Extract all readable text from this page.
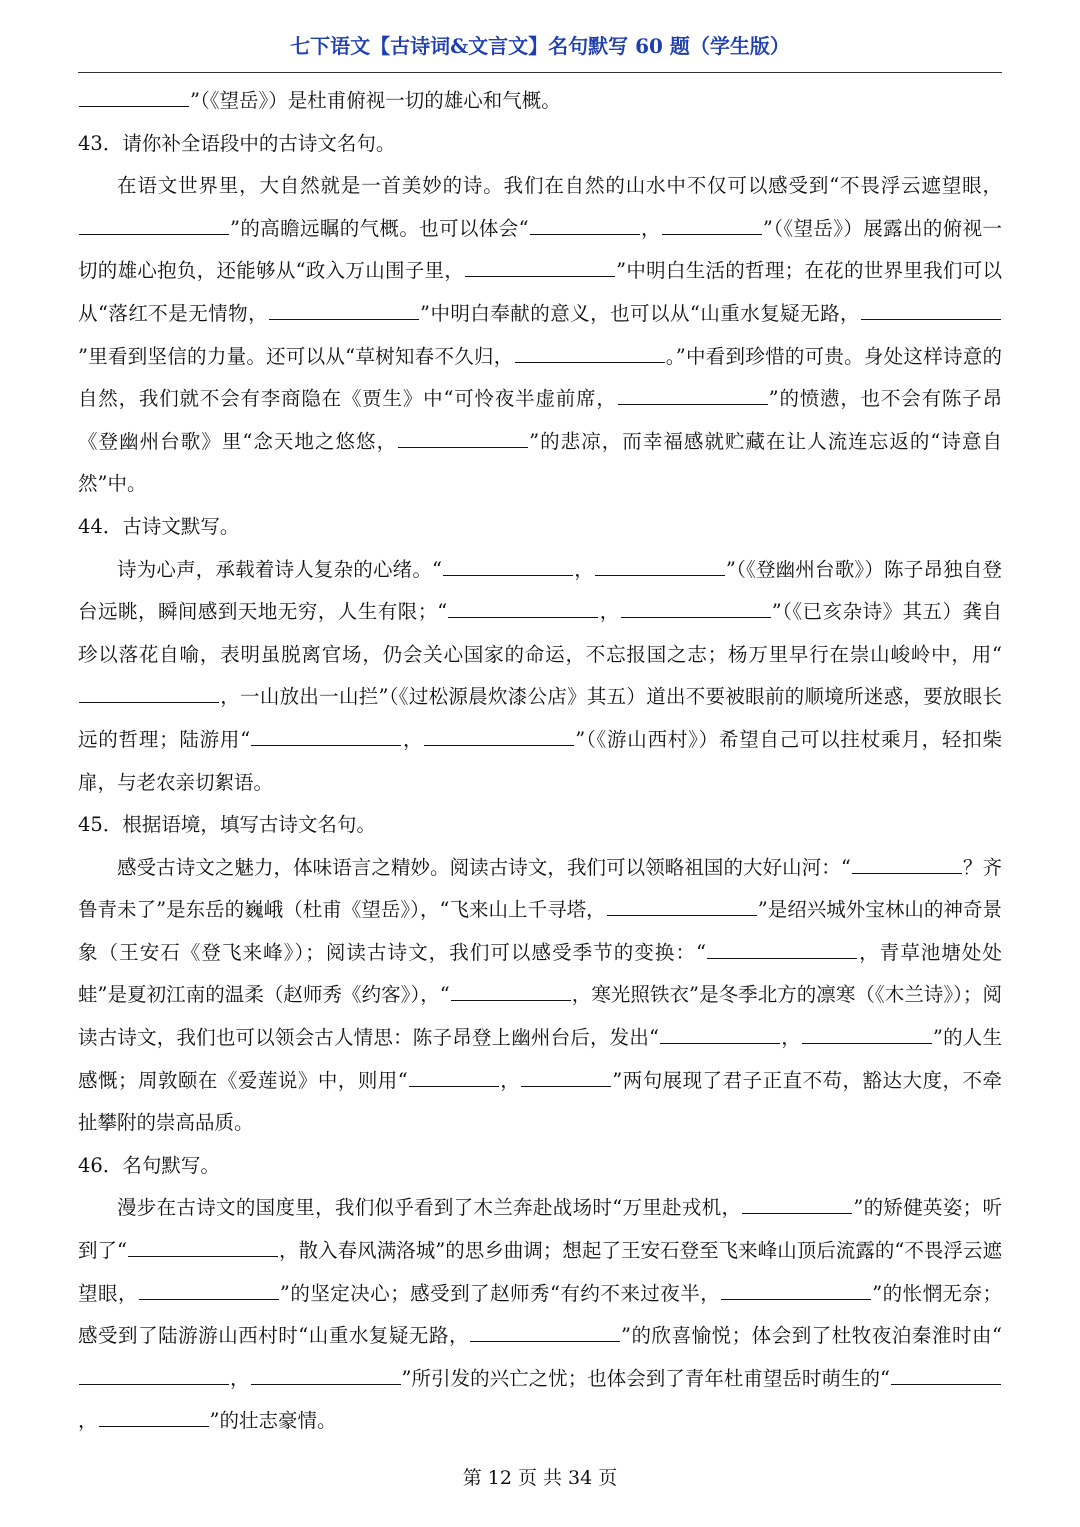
七下语文【古诗词&文言文】名句默写 60 题（学生版）

”（《望岳》）是杜甫俯视一切的雄心和气概。

43．请你补全语段中的古诗文名句。

在语文世界里，大自然就是一首美妙的诗。我们在自然的山水中不仅可以感受到“不畏浮云遮望眼，”的高瞻远瞩的气概。也可以体会“	，	”（《望岳》）展露出的俯视一切的雄心抱负，还能够从“政入万山围子里，	”中明白生活的哲理；在花的世界里我们可以从“落红不是无情物，	”中明白奉献的意义，也可以从“山重水复疑无路，”里看到坚信的力量。还可以从“草树知春不久归，	。”中看到珍惜的可贵。身处这样诗意的自然，我们就不会有李商隐在《贾生》中“可怜夜半虚前席，	”的愤懑，也不会有陈子昂《登幽州台歌》里“念天地之悠悠，	”的悲凉，而幸福感就贮藏在让人流连忘返的“诗意自然”中。

44．古诗文默写。

诗为心声，承载着诗人复杂的心绪。“	，	”（《登幽州台歌》）陈子昂独自登台远眺，瞬间感到天地无穷，人生有限；“	，	”（《已亥杂诗》其五）龚自珍以落花自喻，表明虽脱离官场，仍会关心国家的命运，不忘报国之志；杨万里早行在崇山峻岭中，用“，一山放出一山拦”（《过松源晨炊漆公店》其五）道出不要被眼前的顺境所迷惑，要放眼长远的哲理；陆游用“	，	”（《游山西村》）希望自己可以拄杖乘月，轻扣柴扉，与老农亲切絮语。

45．根据语境，填写古诗文名句。

感受古诗文之魅力，体味语言之精妙。阅读古诗文，我们可以领略祖国的大好山河：“	？齐鲁青未了”是东岳的巍峨（杜甫《望岳》），“飞来山上千寻塔，	”是绍兴城外宝林山的神奇景象（王安石《登飞来峰》）；阅读古诗文，我们可以感受季节的变换：“	，青草池塘处处蛙”是夏初江南的温柔（赵师秀《约客》），“	，寒光照铁衣”是冬季北方的凛寒（《木兰诗》）；阅读古诗文，我们也可以领会古人情思：陈子昂登上幽州台后，发出“	，	”的人生感慨；周敦颐在《爱莲说》中，则用“	，	”两句展现了君子正直不苟，豁达大度，不牵扯攀附的崇高品质。

46．名句默写。

漫步在古诗文的国度里，我们似乎看到了木兰奔赴战场时“万里赴戎机，	”的矫健英姿；听到了“	，散入春风满洛城”的思乡曲调；想起了王安石登至飞来峰山顶后流露的“不畏浮云遮望眼，	”的坚定决心；感受到了赵师秀“有约不来过夜半，	”的怅惘无奈；感受到了陆游游山西村时“山重水复疑无路，	”的欣喜愉悦；体会到了杜牧夜泊秦淮时由“，	”所引发的兴亡之忧；也体会到了青年杜甫望岳时萌生的“，	”的壮志豪情。

第 12 页 共 34 页
